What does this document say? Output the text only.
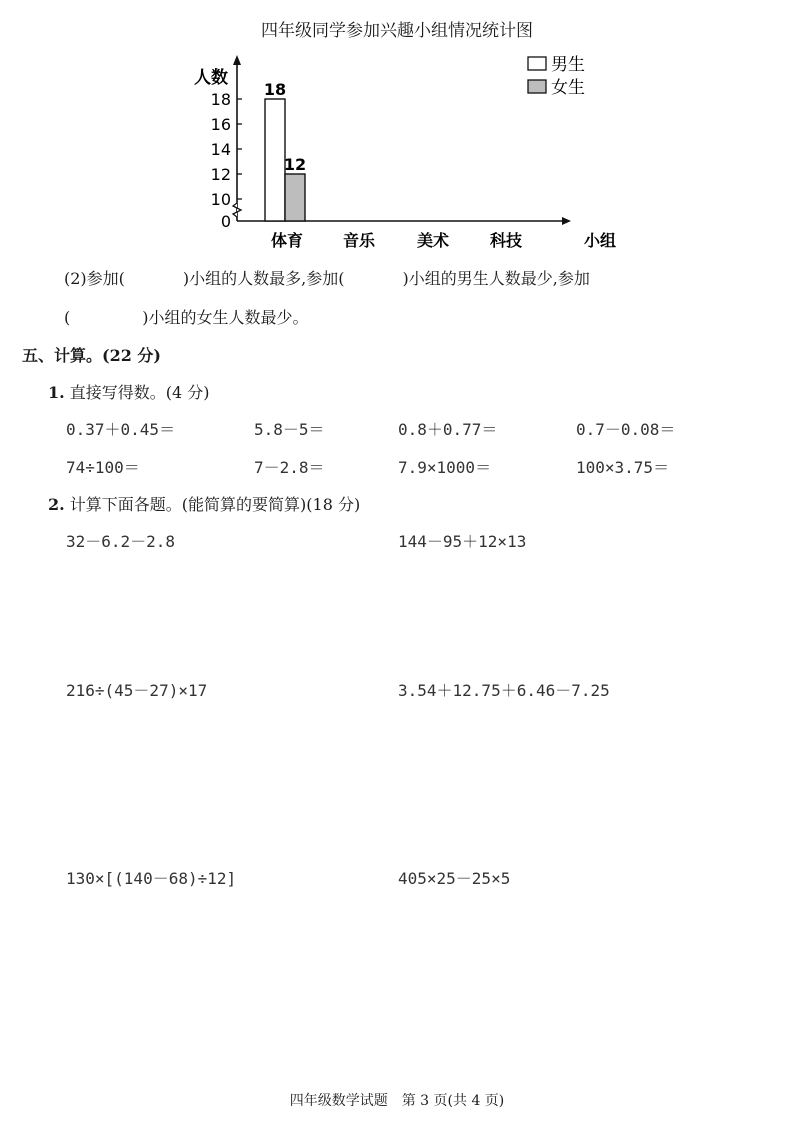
四年级同学参加兴趣小组情况统计图
0
10
12
14
16
18
人数
体育 音乐	美术	科技	小组
18
12
男生
女生
(2)参加(	)小组的人数最多,参加(	)小组的男生人数最少,参加
(	)小组的女生人数最少。
五、计算。(22 分)
1. 直接写得数。(4 分)
0.37＋0.45＝	5.8－5＝	0.8＋0.77＝	0.7－0.08＝
74÷100＝	7－2.8＝	7.9×1000＝	100×3.75＝
2. 计算下面各题。(能简算的要简算)(18 分)
32－6.2－2.8	144－95＋12×13
216÷(45－27)×17	3.54＋12.75＋6.46－7.25
130×[(140－68)÷12]	405×25－25×5
四年级数学试题　第 3 页(共 4 页)
